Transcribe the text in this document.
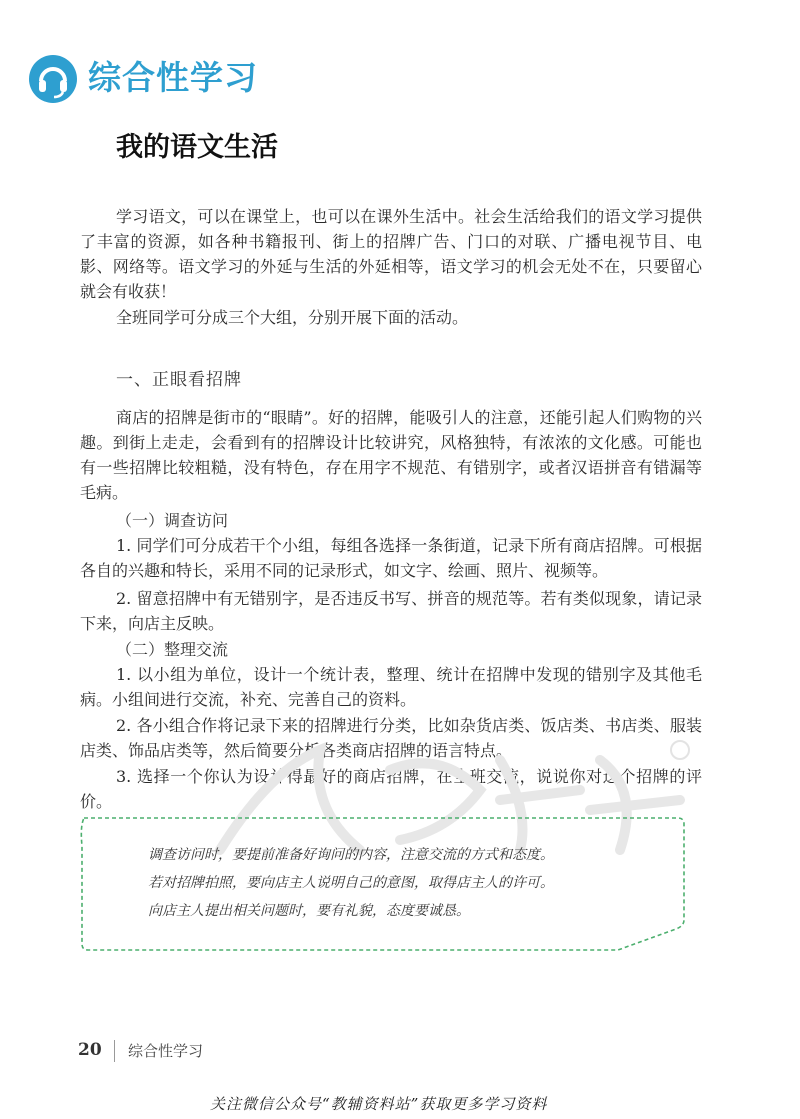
综合性学习
我的语文生活

学习语文，可以在课堂上，也可以在课外生活中。社会生活给我们的语文学习提供了丰富的资源，如各种书籍报刊、街上的招牌广告、门口的对联、广播电视节目、电影、网络等。语文学习的外延与生活的外延相等，语文学习的机会无处不在，只要留心就会有收获！

全班同学可分成三个大组，分别开展下面的活动。

一、正眼看招牌

商店的招牌是街市的“眼睛”。好的招牌，能吸引人的注意，还能引起人们购物的兴趣。到街上走走，会看到有的招牌设计比较讲究，风格独特，有浓浓的文化感。可能也有一些招牌比较粗糙，没有特色，存在用字不规范、有错别字，或者汉语拼音有错漏等毛病。

（一）调查访问

1. 同学们可分成若干个小组，每组各选择一条街道，记录下所有商店招牌。可根据各自的兴趣和特长，采用不同的记录形式，如文字、绘画、照片、视频等。

2. 留意招牌中有无错别字，是否违反书写、拼音的规范等。若有类似现象，请记录下来，向店主反映。

（二）整理交流

1. 以小组为单位，设计一个统计表，整理、统计在招牌中发现的错别字及其他毛病。小组间进行交流，补充、完善自己的资料。

2. 各小组合作将记录下来的招牌进行分类，比如杂货店类、饭店类、书店类、服装店类、饰品店类等，然后简要分析各类商店招牌的语言特点。

3. 选择一个你认为设计得最好的商店招牌，在全班交流，说说你对这个招牌的评价。

调查访问时，要提前准备好询问的内容，注意交流的方式和态度。
若对招牌拍照，要向店主人说明自己的意图，取得店主人的许可。
向店主人提出相关问题时，要有礼貌，态度要诚恳。
20 综合性学习
关注微信公众号“教辅资料站”获取更多学习资料
